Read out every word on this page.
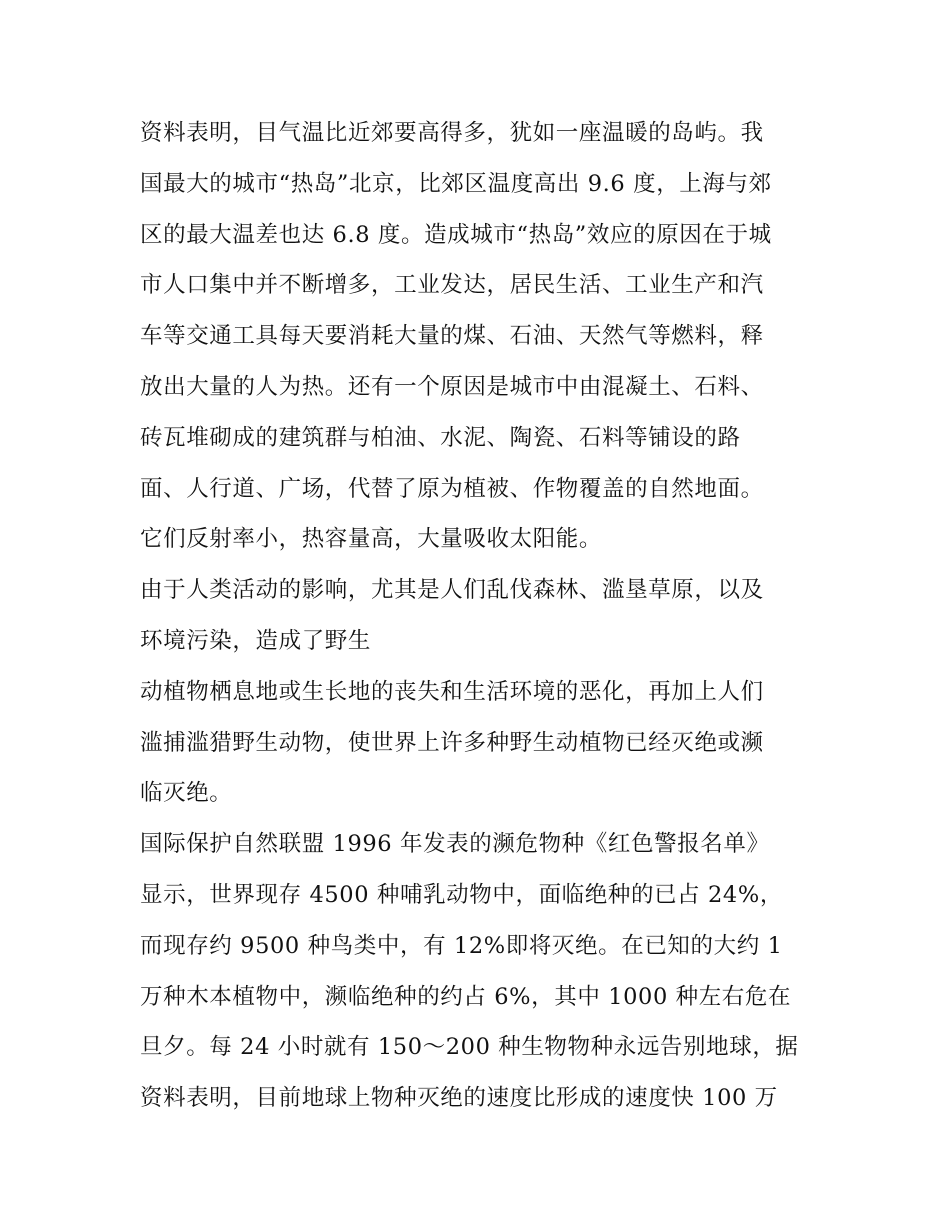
资料表明，目气温比近郊要高得多，犹如一座温暖的岛屿。我
国最大的城市“热岛”北京，比郊区温度高出 9.6 度，上海与郊
区的最大温差也达 6.8 度。造成城市“热岛”效应的原因在于城
市人口集中并不断增多，工业发达，居民生活、工业生产和汽
车等交通工具每天要消耗大量的煤、石油、天然气等燃料，释
放出大量的人为热。还有一个原因是城市中由混凝土、石料、
砖瓦堆砌成的建筑群与柏油、水泥、陶瓷、石料等铺设的路
面、人行道、广场，代替了原为植被、作物覆盖的自然地面。
它们反射率小，热容量高，大量吸收太阳能。
由于人类活动的影响，尤其是人们乱伐森林、滥垦草原，以及
环境污染，造成了野生
动植物栖息地或生长地的丧失和生活环境的恶化，再加上人们
滥捕滥猎野生动物，使世界上许多种野生动植物已经灭绝或濒
临灭绝。
国际保护自然联盟 1996 年发表的濒危物种《红色警报名单》
显示，世界现存 4500 种哺乳动物中，面临绝种的已占 24%，
而现存约 9500 种鸟类中，有 12%即将灭绝。在已知的大约 1
万种木本植物中，濒临绝种的约占 6%，其中 1000 种左右危在
旦夕。每 24 小时就有 150～200 种生物物种永远告别地球，据
资料表明，目前地球上物种灭绝的速度比形成的速度快 100 万
